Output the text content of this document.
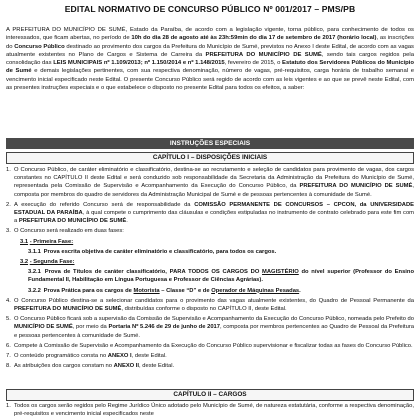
EDITAL NORMATIVO DE CONCURSO PÚBLICO Nº 001/2017 – PMS/PB
A PREFEITURA DO MUNICÍPIO DE SUMÉ, Estado da Paraíba, de acordo com a legislação vigente, torna público, para conhecimento de todos os interessados, que ficam abertas, no período de 10h do dia 28 de agosto até às 23h:59min do dia 17 de setembro de 2017 (horário local), as inscrições do Concurso Público destinado ao provimento dos cargos da Prefeitura do Município de Sumé, previstos no Anexo I deste Edital, de acordo com as vagas atualmente existentes no Plano de Cargos e Sistema de Carreira da PREFEITURA DO MUNICÍPIO DE SUMÉ, sendo tais cargos regidos pela consolidação das LEIS MUNICIPAIS nº 1.109/2013; nº 1.150/2014 e nº 1.148/2015, fevereiro de 2015, o Estatuto dos Servidores Públicos do Município de Sumé e demais legislações pertinentes, com sua respectiva denominação, número de vagas, pré-requisitos, carga horária de trabalho semanal e vencimento inicial especificado neste Edital. O presente Concurso Público será regido de acordo com as leis vigentes e ao que se prevê neste Edital, com as presentes instruções especiais e o que estabelece o disposto no presente Edital para todos os efeitos, a saber:
INSTRUÇÕES ESPECIAIS
CAPÍTULO I – DISPOSIÇÕES INICIAIS
1. O Concurso Público, de caráter eliminatório e classificatório, destina-se ao recrutamento e seleção de candidatos para provimento de vagas, dos cargos constantes no CAPÍTULO II deste Edital e será conduzido sob responsabilidade da Secretaria da Administração da Prefeitura do Município de Sumé, representada pela Comissão de Supervisão e Acompanhamento da Execução do Concurso Público, da PREFEITURA DO MUNICÍPIO DE SUMÉ, composta por membros do quadro de servidores da Administração Municipal de Sumé e de pessoas pertencentes à comunidade de Sumé.
2. A execução do referido Concurso será de responsabilidade da COMISSÃO PERMANENTE DE CONCURSOS – CPCON, da UNIVERSIDADE ESTADUAL DA PARAÍBA, à qual compete o cumprimento das cláusulas e condições estipuladas no instrumento de contrato celebrado para este fim com a PREFEITURA DO MUNICÍPIO DE SUMÉ.
3. O Concurso será realizado em duas fases:
3.1 - Primeira Fase:
3.1.1 Prova escrita objetiva de caráter eliminatório e classificatório, para todos os cargos.
3.2 - Segunda Fase:
3.2.1 Prova de Títulos de caráter classificatório, PARA TODOS OS CARGOS DO MAGISTÉRIO do nível superior (Professor do Ensino Fundamental II, Habilitação em Língua Portuguesa e Professor de Ciências Agrárias).
3.2.2 Prova Prática para os cargos de Motorista – Classe “D” e de Operador de Máquinas Pesadas.
4. O Concurso Público destina-se a selecionar candidatos para o provimento das vagas atualmente existentes, do Quadro de Pessoal Permanente da PREFEITURA DO MUNICÍPIO DE SUMÉ, distribuídas conforme o disposto no CAPÍTULO II, deste Edital.
5. O Concurso Público ficará sob a supervisão da Comissão de Supervisão e Acompanhamento da Execução do Concurso Público, nomeada pelo Prefeito do MUNICÍPIO DE SUMÉ, por meio da Portaria Nº 5.246 de 29 de junho de 2017, composta por membros pertencentes ao Quadro de Pessoal da Prefeitura e pessoas pertencentes à comunidade de Sumé.
6. Compete à Comissão de Supervisão e Acompanhamento da Execução do Concurso Público supervisionar e fiscalizar todas as fases do Concurso Público.
7. O conteúdo programático consta no ANEXO I, deste Edital.
8. As atribuições dos cargos constam no ANEXO II, deste Edital.
CAPÍTULO II – CARGOS
1. Todos os cargos serão regidos pelo Regime Jurídico Único adotado pelo Município de Sumé, de natureza estatutária, conforme a respectiva denominação, pré-requisitos e vencimento inicial especificados neste
